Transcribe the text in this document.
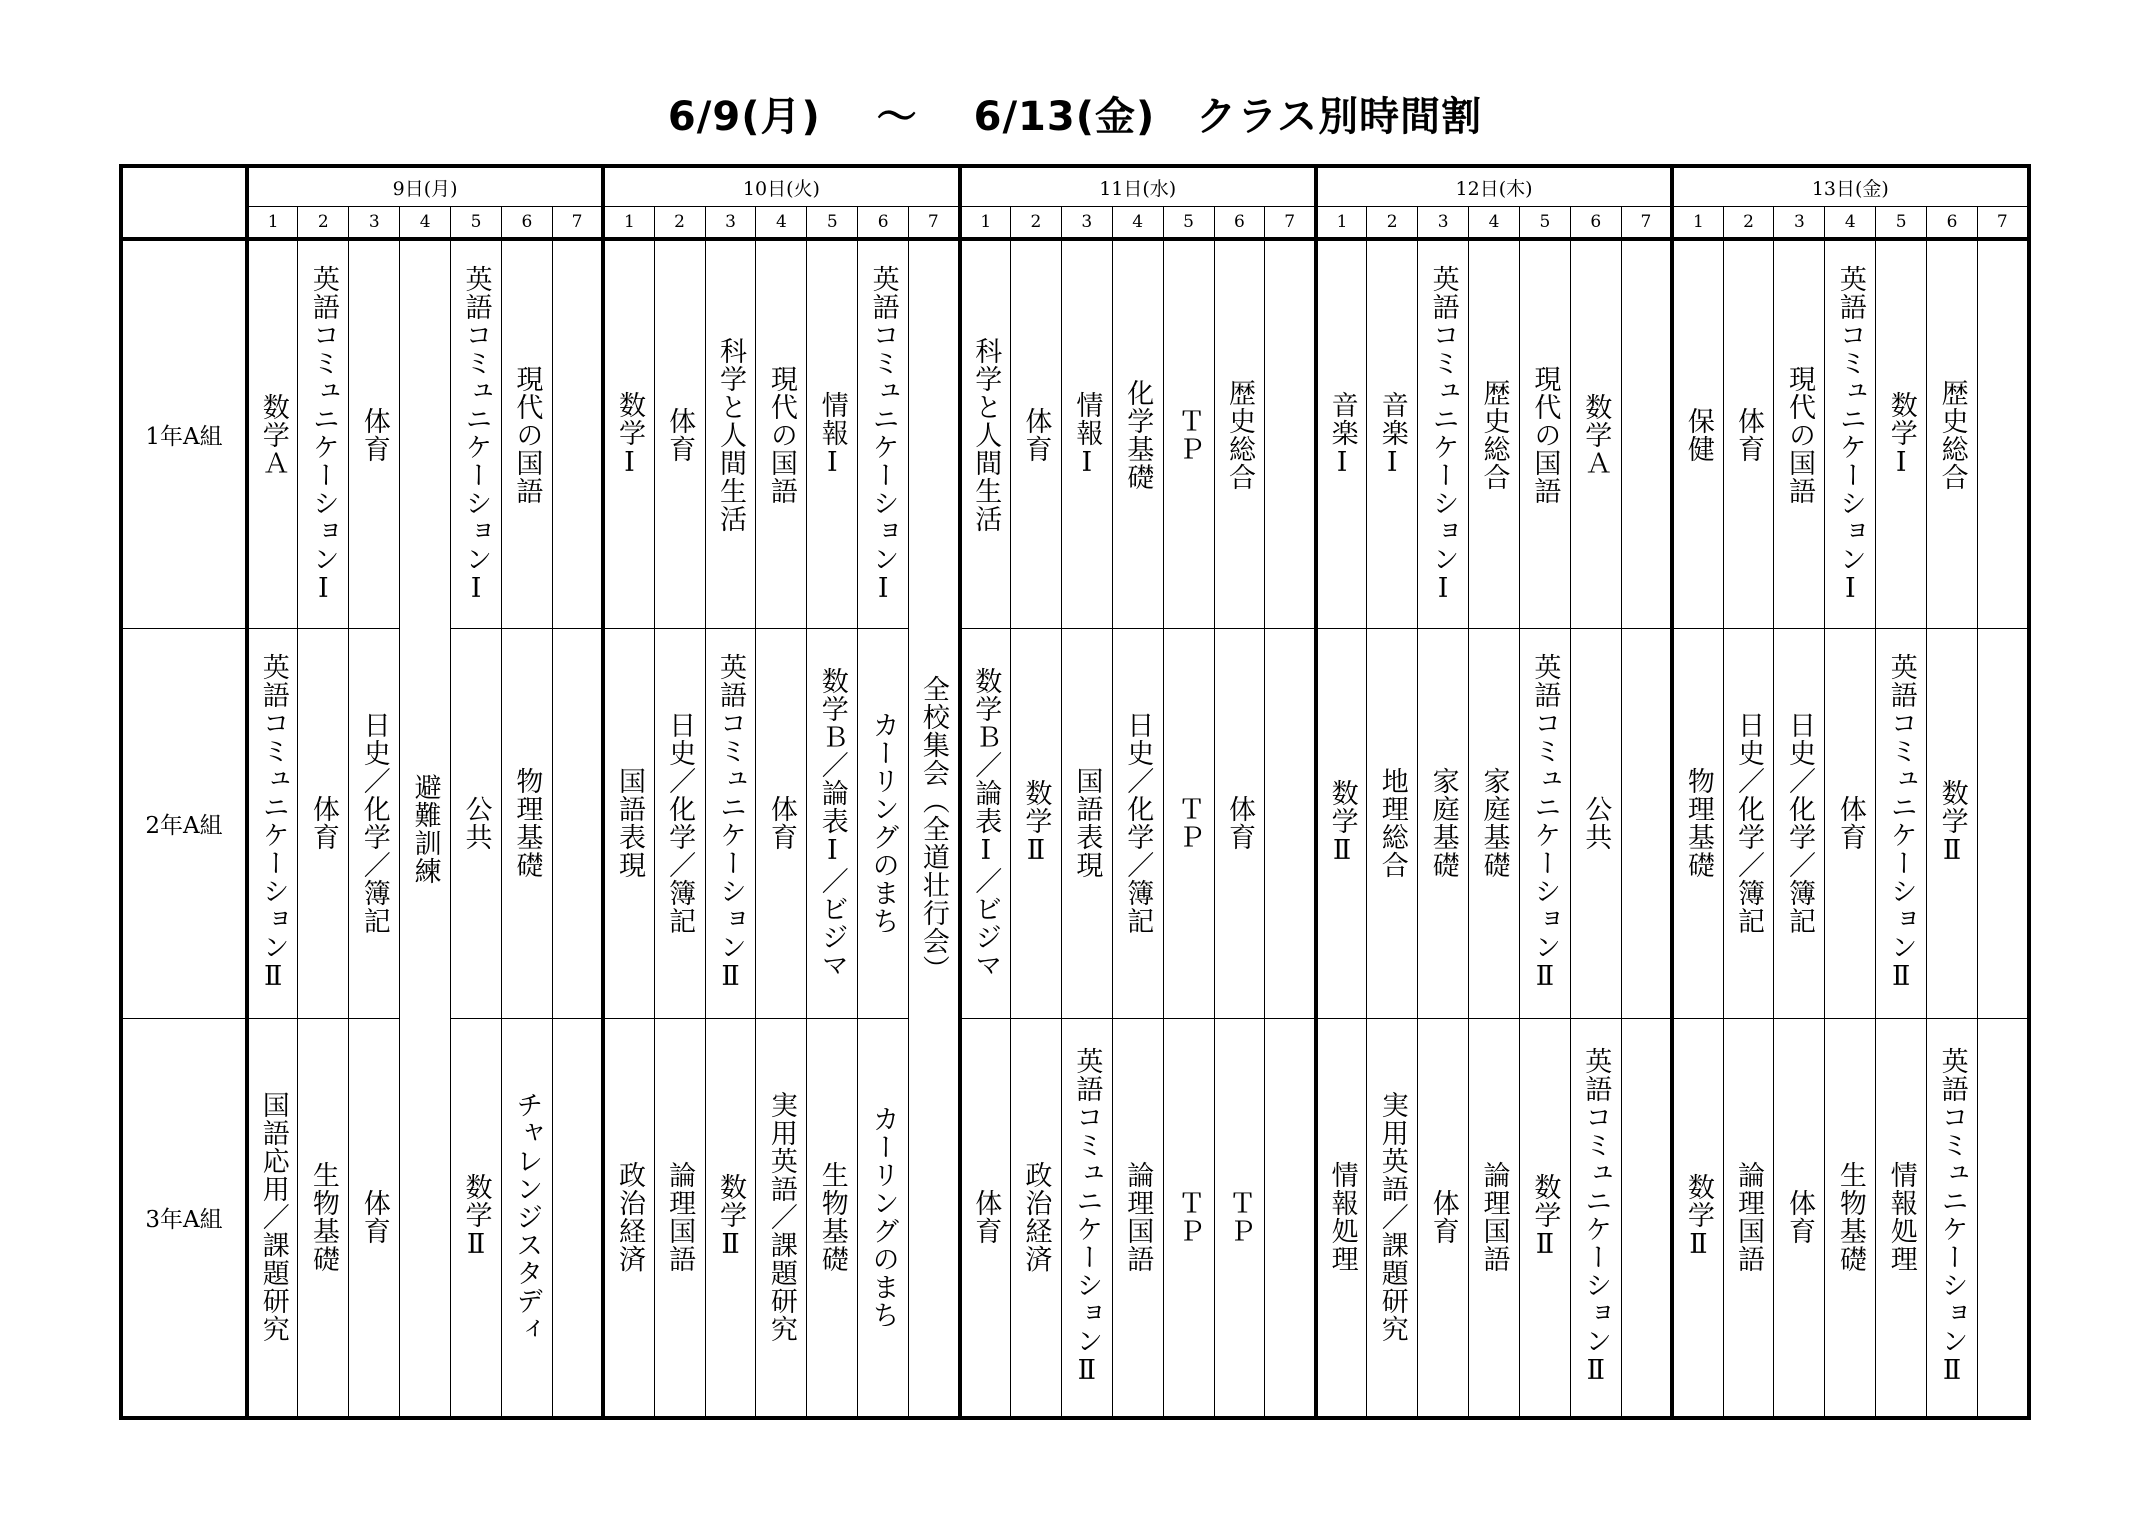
6/9(月)　 ～　 6/13(金)　クラス別時間割
	9日(月)							10日(火)							11日(水)							12日(木)							13日(金)						
	1	2	3	4	5	6	7	1	2	3	4	5	6	7	1	2	3	4	5	6	7	1	2	3	4	5	6	7	1	2	3	4	5	6	7
1年A組	数学Ａ	英語コミュニケーションⅠ	体育	避難訓練	英語コミュニケーションⅠ	現代の国語		数学Ⅰ	体育	科学と人間生活	現代の国語	情報Ⅰ	英語コミュニケーションⅠ	全校集会（全道壮行会）	科学と人間生活	体育	情報Ⅰ	化学基礎	ＴＰ	歴史総合		音楽Ⅰ	音楽Ⅰ	英語コミュニケーションⅠ	歴史総合	現代の国語	数学Ａ		保健	体育	現代の国語	英語コミュニケーションⅠ	数学Ⅰ	歴史総合	
2年A組	英語コミュニケーションⅡ	体育	日史／化学／簿記		公共	物理基礎		国語表現	日史／化学／簿記	英語コミュニケーションⅡ	体育	数学Ｂ／論表Ⅰ／ビジマ	カーリングのまち		数学Ｂ／論表Ⅰ／ビジマ	数学Ⅱ	国語表現	日史／化学／簿記	ＴＰ	体育		数学Ⅱ	地理総合	家庭基礎	家庭基礎	英語コミュニケーションⅡ	公共		物理基礎	日史／化学／簿記	日史／化学／簿記	体育	英語コミュニケーションⅡ	数学Ⅱ	
3年A組	国語応用／課題研究	生物基礎	体育		数学Ⅱ	チャレンジスタディ		政治経済	論理国語	数学Ⅱ	実用英語／課題研究	生物基礎	カーリングのまち		体育	政治経済	英語コミュニケーションⅡ	論理国語	ＴＰ	ＴＰ		情報処理	実用英語／課題研究	体育	論理国語	数学Ⅱ	英語コミュニケーションⅡ		数学Ⅱ	論理国語	体育	生物基礎	情報処理	英語コミュニケーションⅡ	
